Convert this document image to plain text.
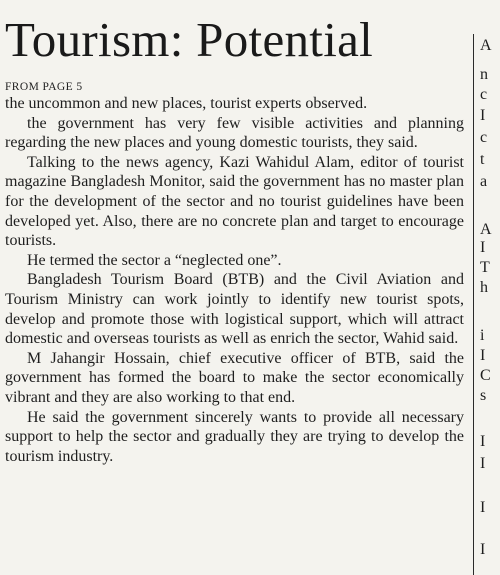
Tourism: Potential
FROM PAGE 5

the uncommon and new places, tourist experts observed.

the government has very few visible activities and planning regarding the new places and young domestic tourists, they said.

Talking to the news agency, Kazi Wahidul Alam, editor of tourist magazine Bangladesh Monitor, said the government has no master plan for the development of the sector and no tourist guidelines have been developed yet. Also, there are no concrete plan and target to encourage tourists.

He termed the sector a “neglected one”.

Bangladesh Tourism Board (BTB) and the Civil Aviation and Tourism Ministry can work jointly to identify new tourist spots, develop and promote those with logistical support, which will attract domestic and overseas tourists as well as enrich the sector, Wahid said.

M Jahangir Hossain, chief executive officer of BTB, said the government has formed the board to make the sector economically vibrant and they are also working to that end.

He said the government sincerely wants to provide all necessary support to help the sector and gradually they are trying to develop the tourism industry.

A
n
c
I
c
t
a
A
I
T
h
i
I
C
s
I
I
I
I
